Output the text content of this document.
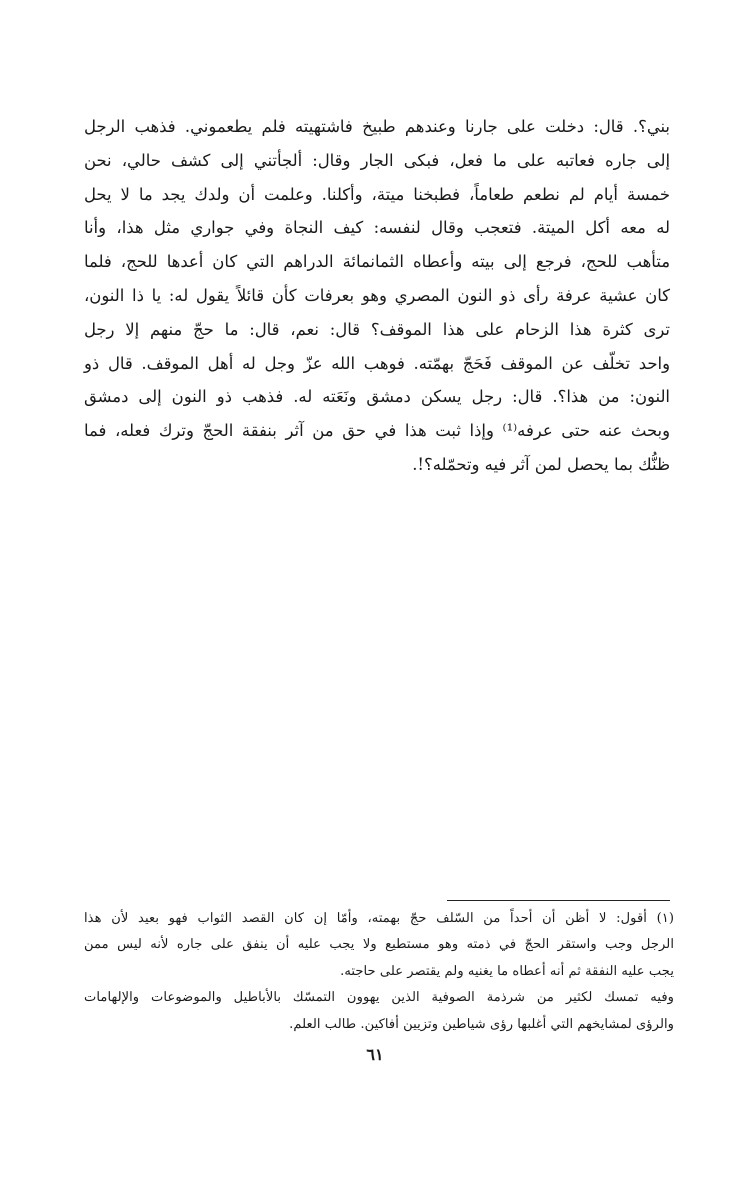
بني؟. قال: دخلت على جارنا وعندهم طبيخ فاشتهيته فلم يطعموني. فذهب الرجل
إلى جاره فعاتبه على ما فعل، فبكى الجار وقال: ألجأتني إلى كشف حالي، نحن
خمسة أيام لم نطعم طعاماً، فطبخنا ميتة، وأكلنا. وعلمت أن ولدك يجد ما لا يحل
له معه أكل الميتة. فتعجب وقال لنفسه: كيف النجاة وفي جواري مثل هذا، وأنا
متأهب للحج، فرجع إلى بيته وأعطاه الثمانمائة الدراهم التي كان أعدها للحج، فلما
كان عشية عرفة رأى ذو النون المصري وهو بعرفات كأن قائلاً يقول له: يا ذا النون،
ترى كثرة هذا الزحام على هذا الموقف؟ قال: نعم، قال: ما حجّ منهم إلا رجل
واحد تخلّف عن الموقف فَحَجّ بهمّته. فوهب الله عزّ وجل له أهل الموقف. قال ذو
النون: من هذا؟. قال: رجل يسكن دمشق ونَعَته له. فذهب ذو النون إلى دمشق
وبحث عنه حتى عرفه⁽¹⁾ وإذا ثبت هذا في حق من آثر بنفقة الحجّ وترك فعله، فما
ظنُّك بما يحصل لمن آثر فيه وتحمّله؟!.
(١) أقول: لا أظن أن أحداً من السّلف حجّ بهمته، وأمّا إن كان القصد الثواب فهو بعيد لأن هذا
الرجل وجب واستقر الحجّ في ذمته وهو مستطيع ولا يجب عليه أن ينفق على جاره لأنه ليس ممن
يجب عليه النفقة ثم أنه أعطاه ما يغنيه ولم يقتصر على حاجته.
وفيه تمسك لكثير من شرذمة الصوفية الذين يهوون التمسّك بالأباطيل والموضوعات والإلهامات
والرؤى لمشايخهم التي أغلبها رؤى شياطين وتزيين أفاكين. طالب العلم.
٦١
